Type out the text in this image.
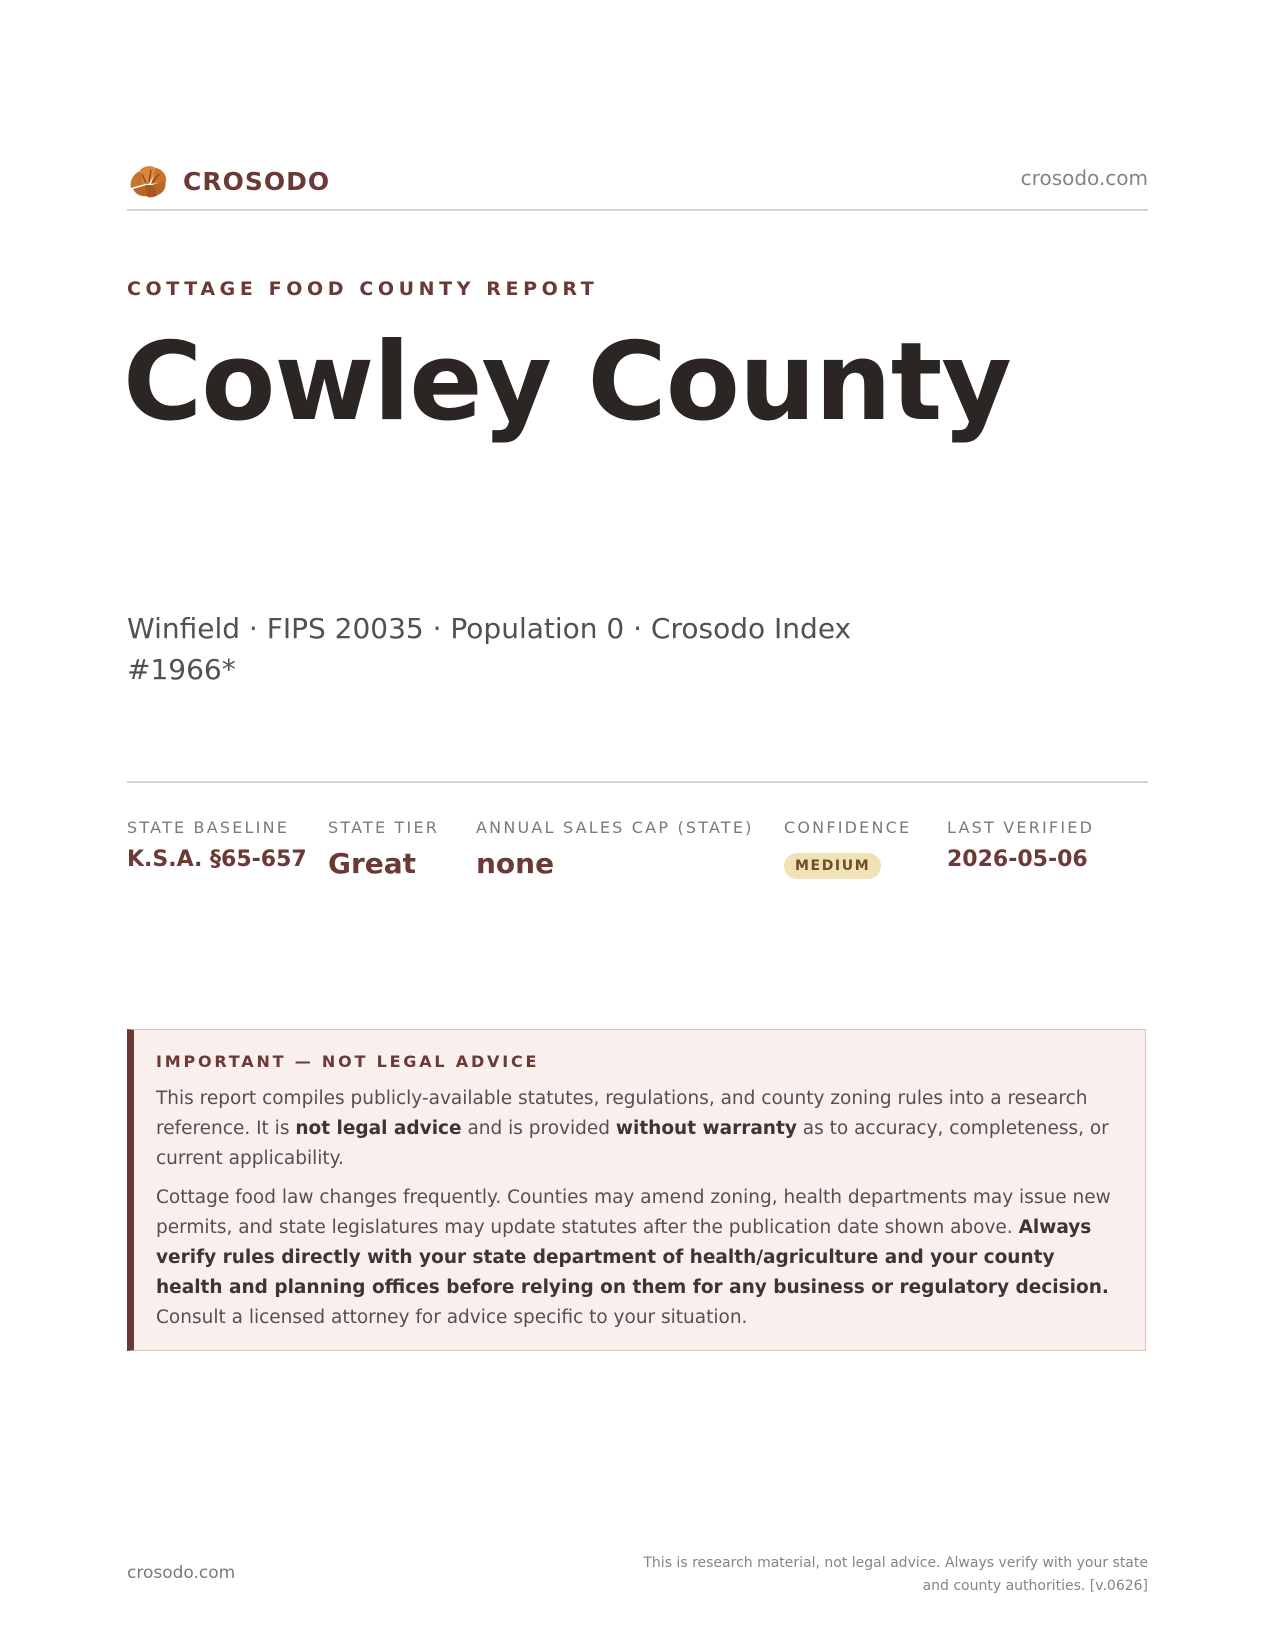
CROSODO	crosodo.com
COTTAGE FOOD COUNTY REPORT
Cowley County
Winfield · FIPS 20035 · Population 0 · Crosodo Index #1966*
STATE BASELINE
K.S.A. §65-657
STATE TIER
Great
ANNUAL SALES CAP (STATE)
none
CONFIDENCE
MEDIUM
LAST VERIFIED
2026-05-06
IMPORTANT — NOT LEGAL ADVICE

This report compiles publicly-available statutes, regulations, and county zoning rules into a research reference. It is not legal advice and is provided without warranty as to accuracy, completeness, or current applicability.

Cottage food law changes frequently. Counties may amend zoning, health departments may issue new permits, and state legislatures may update statutes after the publication date shown above. Always verify rules directly with your state department of health/agriculture and your county health and planning offices before relying on them for any business or regulatory decision. Consult a licensed attorney for advice specific to your situation.

crosodo.com	This is research material, not legal advice. Always verify with your state
and county authorities. [v.0626]
